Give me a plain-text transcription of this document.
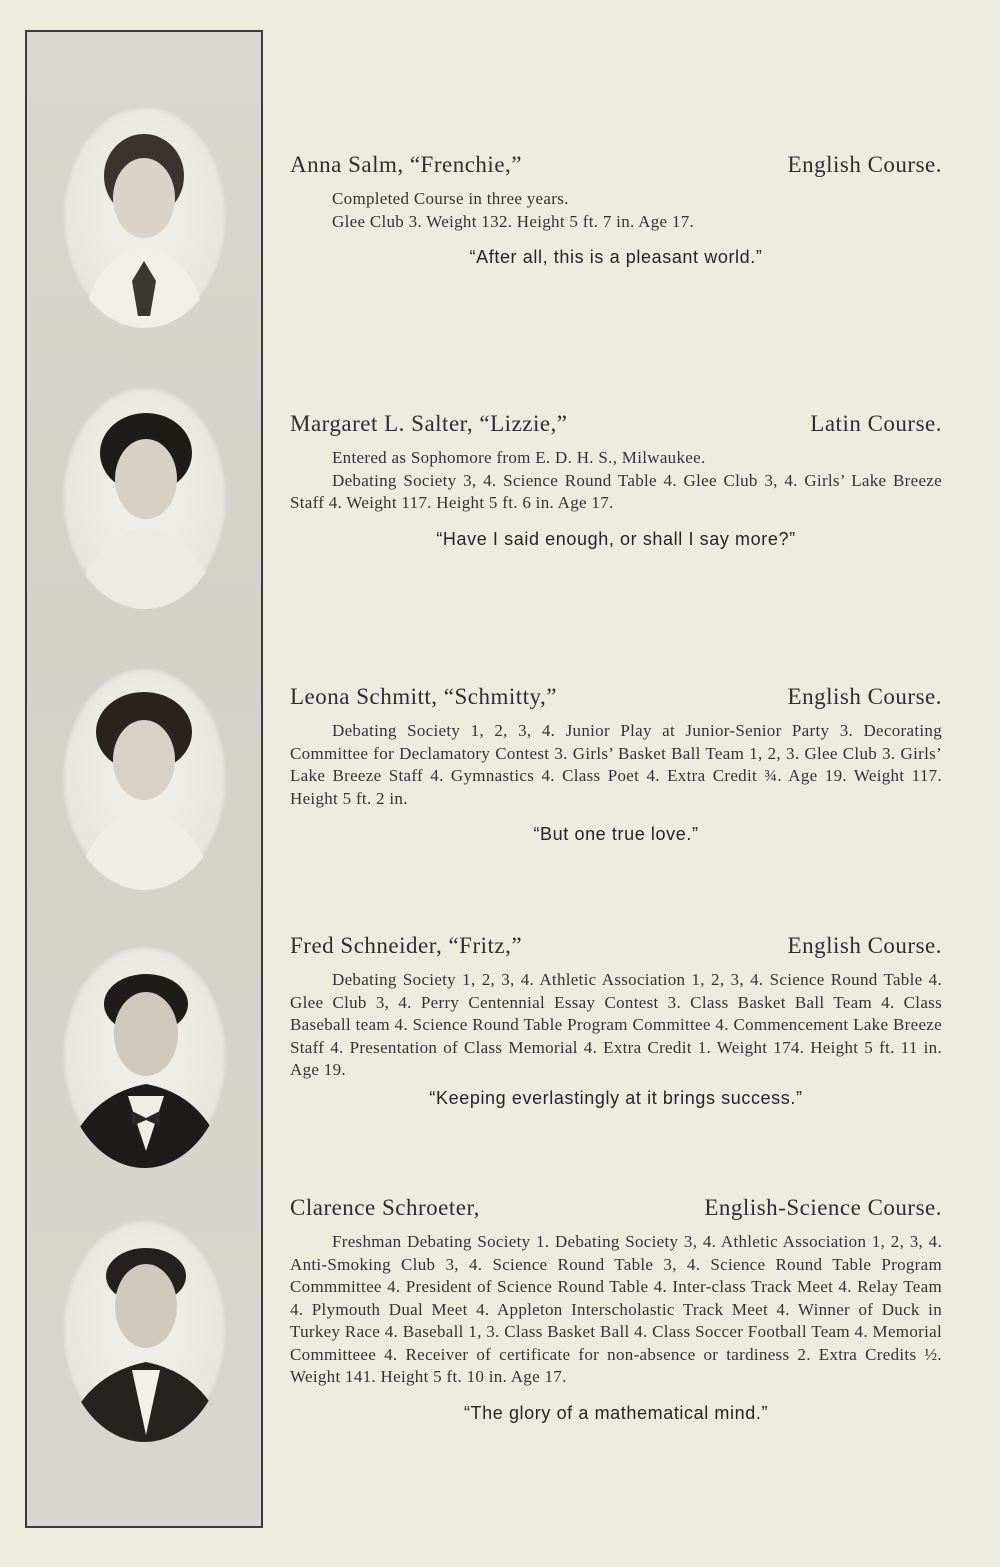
Anna Salm, “Frenchie,”	English Course.
Completed Course in three years.
Glee Club 3. Weight 132. Height 5 ft. 7 in. Age 17.
“After all, this is a pleasant world.”
Margaret L. Salter, “Lizzie,”	Latin Course.
Entered as Sophomore from E. D. H. S., Milwaukee.
Debating Society 3, 4. Science Round Table 4. Glee Club 3, 4. Girls’ Lake Breeze Staff 4. Weight 117. Height 5 ft. 6 in. Age 17.
“Have I said enough, or shall I say more?”
Leona Schmitt, “Schmitty,”	English Course.
Debating Society 1, 2, 3, 4. Junior Play at Junior-Senior Party 3. Decorating Committee for Declamatory Contest 3. Girls’ Basket Ball Team 1, 2, 3. Glee Club 3. Girls’ Lake Breeze Staff 4. Gymnastics 4. Class Poet 4. Extra Credit ¾. Age 19. Weight 117. Height 5 ft. 2 in.
“But one true love.”
Fred Schneider, “Fritz,”	English Course.
Debating Society 1, 2, 3, 4. Athletic Association 1, 2, 3, 4. Science Round Table 4. Glee Club 3, 4. Perry Centennial Essay Contest 3. Class Basket Ball Team 4. Class Baseball team 4. Science Round Table Program Committee 4. Commencement Lake Breeze Staff 4. Presentation of Class Memorial 4. Extra Credit 1. Weight 174. Height 5 ft. 11 in. Age 19.
“Keeping everlastingly at it brings success.”
Clarence Schroeter,	English-Science Course.
Freshman Debating Society 1. Debating Society 3, 4. Athletic Association 1, 2, 3, 4. Anti-Smoking Club 3, 4. Science Round Table 3, 4. Science Round Table Program Commmittee 4. President of Science Round Table 4. Inter-class Track Meet 4. Relay Team 4. Plymouth Dual Meet 4. Appleton Interscholastic Track Meet 4. Winner of Duck in Turkey Race 4. Baseball 1, 3. Class Basket Ball 4. Class Soccer Football Team 4. Memorial Committeee 4. Receiver of certificate for non-absence or tardiness 2. Extra Credits ½. Weight 141. Height 5 ft. 10 in. Age 17.
“The glory of a mathematical mind.”
